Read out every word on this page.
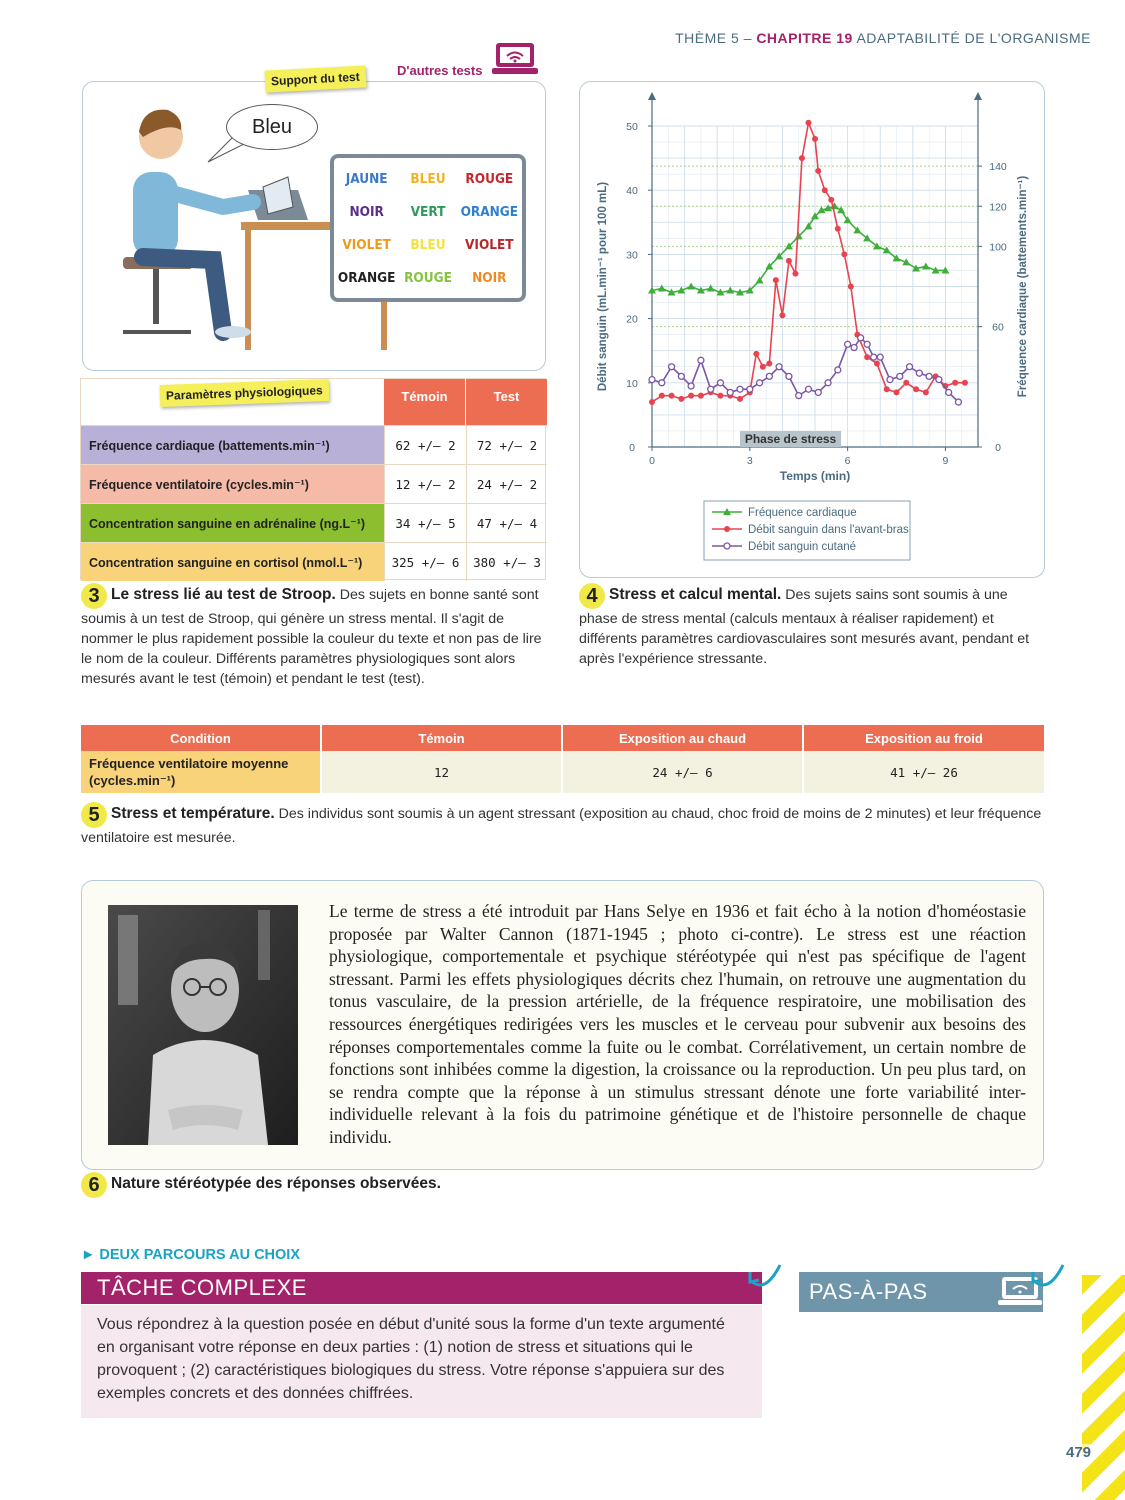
THÈME 5 – CHAPITRE 19 ADAPTABILITÉ DE L'ORGANISME
Bleu
JAUNE BLEU ROUGE
NOIR VERT ORANGE
VIOLET BLEU VIOLET
ORANGE ROUGE NOIR
Support du test	D'autres tests
Témoin	Test
Fréquence cardiaque (battements.min⁻¹)	62 +/– 2	72 +/– 2
Fréquence ventilatoire (cycles.min⁻¹)	12 +/– 2	24 +/– 2
Concentration sanguine en adrénaline (ng.L⁻¹)	34 +/– 5	47 +/– 4
Concentration sanguine en cortisol (nmol.L⁻¹)	325 +/– 6	380 +/– 3
Paramètres physiologiques
3 Le stress lié au test de Stroop. Des sujets en bonne santé sont soumis à un test de Stroop, qui génère un stress mental. Il s'agit de nommer le plus rapidement possible la couleur du texte et non pas de lire le nom de la couleur. Différents paramètres physiologiques sont alors mesurés avant le test (témoin) et pendant le test (test).
0
10
20
30
40
50
0
60
100
120
140
0	3	6	9
Phase de stress
Temps (min)
Débit sanguin (mL.min⁻¹ pour 100 mL)	Fréquence cardiaque (battements.min⁻¹)
Fréquence cardiaque
Débit sanguin dans l'avant-bras
Débit sanguin cutané
4 Stress et calcul mental. Des sujets sains sont soumis à une phase de stress mental (calculs mentaux à réaliser rapidement) et différents paramètres cardiovasculaires sont mesurés avant, pendant et après l'expérience stressante.
Condition	Témoin	Exposition au chaud	Exposition au froid
Fréquence ventilatoire moyenne (cycles.min⁻¹)	12	24 +/– 6	41 +/– 26
5 Stress et température. Des individus sont soumis à un agent stressant (exposition au chaud, choc froid de moins de 2 minutes) et leur fréquence ventilatoire est mesurée.
Le terme de stress a été introduit par Hans Selye en 1936 et fait écho à la notion d'homéostasie proposée par Walter Cannon (1871-1945 ; photo ci-contre). Le stress est une réaction physiologique, comportementale et psychique stéréotypée qui n'est pas spécifique de l'agent stressant. Parmi les effets physiologiques décrits chez l'humain, on retrouve une augmentation du tonus vasculaire, de la pression artérielle, de la fréquence respiratoire, une mobilisation des ressources énergétiques redirigées vers les muscles et le cerveau pour subvenir aux besoins des réponses comportementales comme la fuite ou le combat. Corrélativement, un certain nombre de fonctions sont inhibées comme la digestion, la croissance ou la reproduction. Un peu plus tard, on se rendra compte que la réponse à un stimulus stressant dénote une forte variabilité inter-individuelle relevant à la fois du patrimoine génétique et de l'histoire personnelle de chaque individu.
6 Nature stéréotypée des réponses observées.
► DEUX PARCOURS AU CHOIX
TÂCHE COMPLEXE
Vous répondrez à la question posée en début d'unité sous la forme d'un texte argumenté en organisant votre réponse en deux parties : (1) notion de stress et situations qui le provoquent ; (2) caractéristiques biologiques du stress. Votre réponse s'appuiera sur des exemples concrets et des données chiffrées.
PAS-À-PAS
479
